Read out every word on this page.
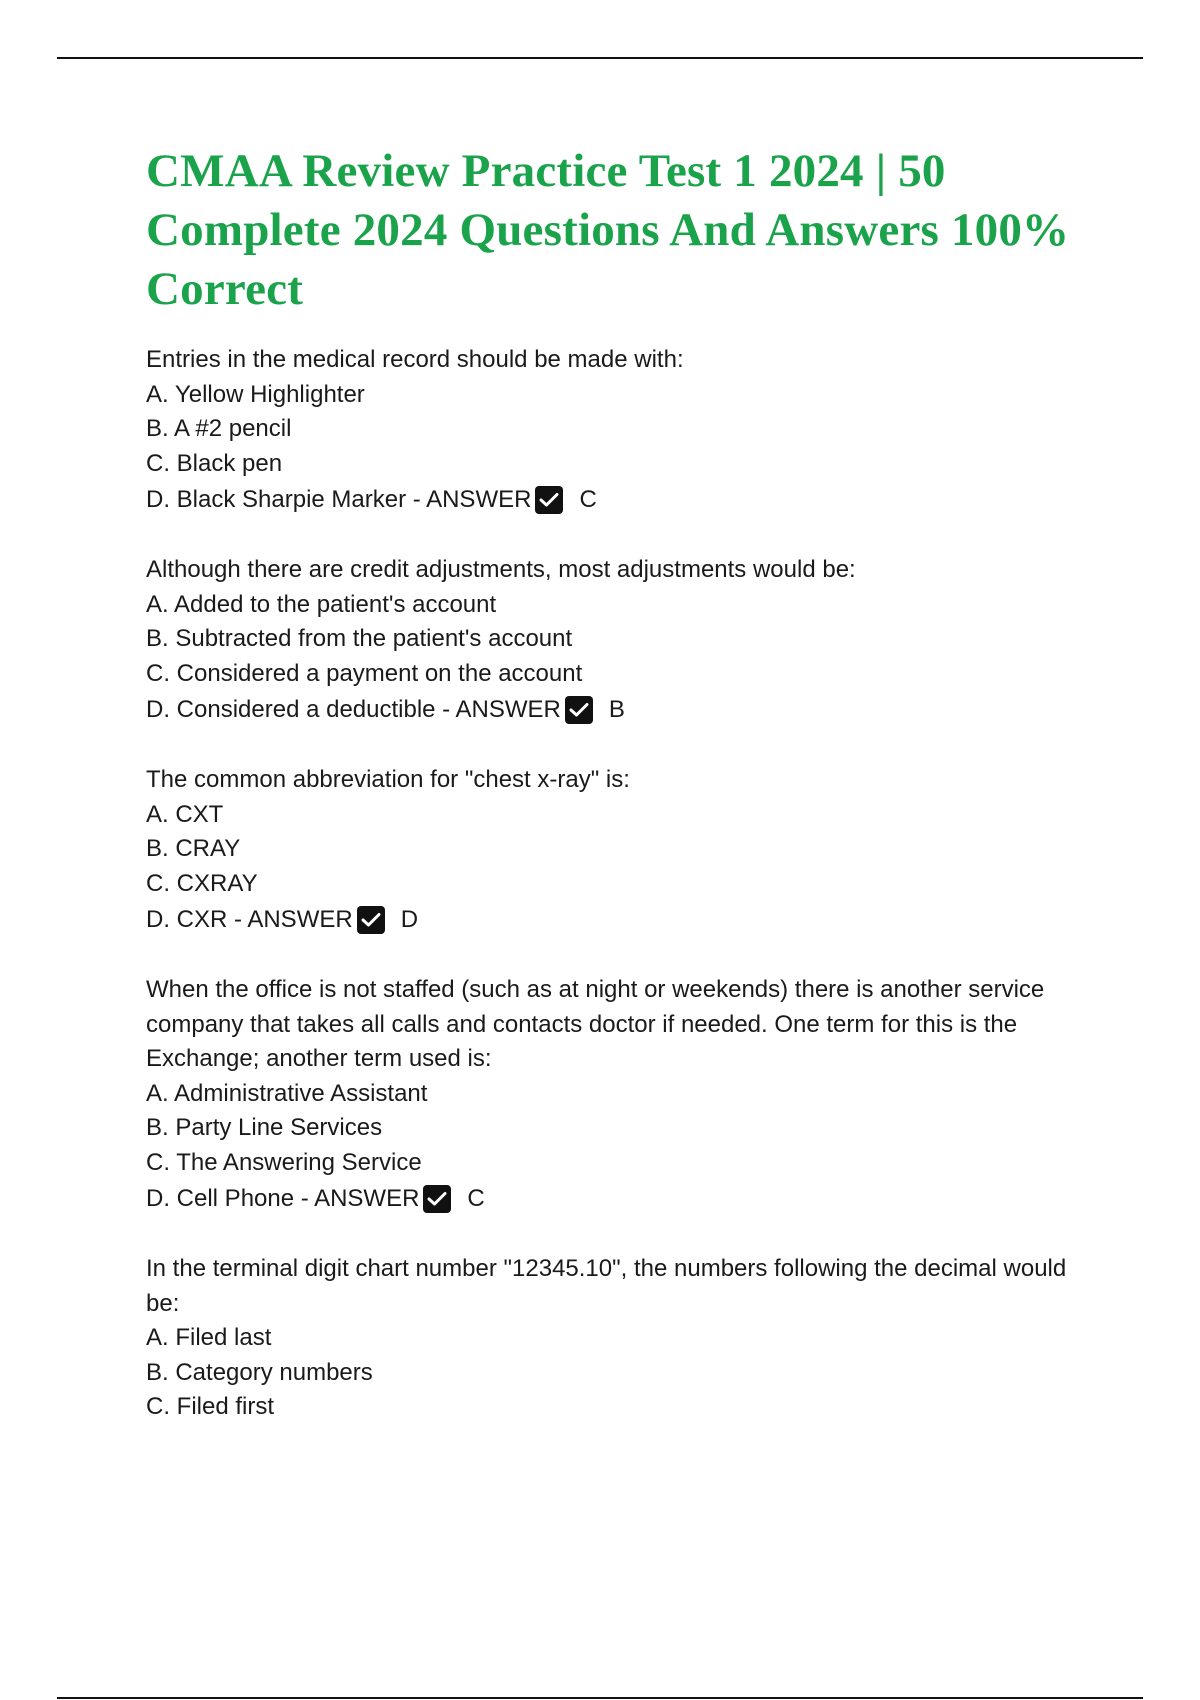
CMAA Review Practice Test 1 2024 | 50 Complete 2024 Questions And Answers 100% Correct

Entries in the medical record should be made with:

A. Yellow Highlighter

B. A #2 pencil

C. Black pen

D. Black Sharpie Marker - ANSWER C

Although there are credit adjustments, most adjustments would be:

A. Added to the patient's account

B. Subtracted from the patient's account

C. Considered a payment on the account

D. Considered a deductible - ANSWER B

The common abbreviation for "chest x-ray" is:

A. CXT

B. CRAY

C. CXRAY

D. CXR - ANSWER D

When the office is not staffed (such as at night or weekends) there is another service company that takes all calls and contacts doctor if needed. One term for this is the Exchange; another term used is:

A. Administrative Assistant

B. Party Line Services

C. The Answering Service

D. Cell Phone - ANSWER C

In the terminal digit chart number "12345.10", the numbers following the decimal would be:

A. Filed last

B. Category numbers

C. Filed first
